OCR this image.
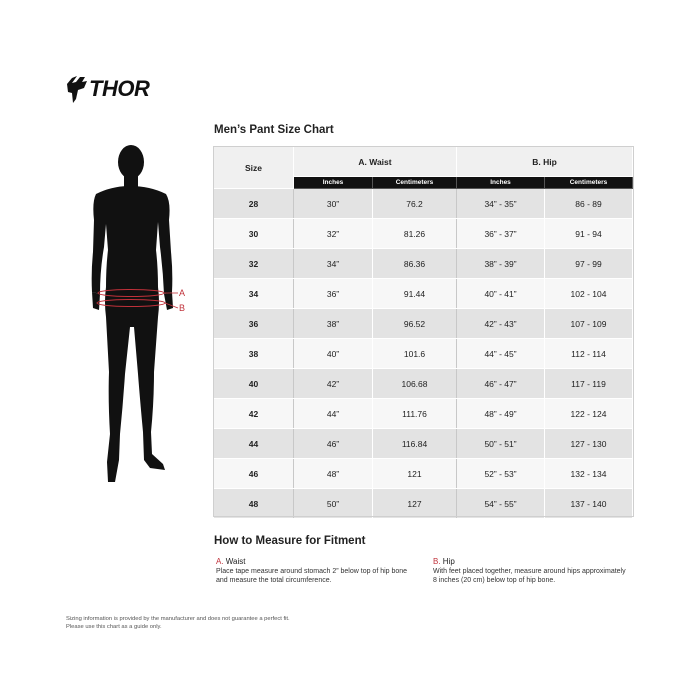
THOR
A
B
Men’s Pant Size Chart
Size	A. Waist		B. Hip	
	Inches	Centimeters	Inches	Centimeters
28	30”	76.2	34” - 35”	86 - 89
30	32”	81.26	36” - 37”	91 - 94
32	34”	86.36	38” - 39”	97 - 99
34	36”	91.44	40” - 41”	102 - 104
36	38”	96.52	42” - 43”	107 - 109
38	40”	101.6	44” - 45”	112 - 114
40	42”	106.68	46” - 47”	117 - 119
42	44”	111.76	48” - 49”	122 - 124
44	46”	116.84	50” - 51”	127 - 130
46	48”	121	52” - 53”	132 - 134
48	50”	127	54” - 55”	137 - 140
How to Measure for Fitment
A. Waist
Place tape measure around stomach 2” below top of hip bone and measure the total circumference.
B. Hip
With feet placed together, measure around hips approximately 8 inches (20 cm) below top of hip bone.
Sizing information is provided by the manufacturer and does not guarantee a perfect fit.
Please use this chart as a guide only.
